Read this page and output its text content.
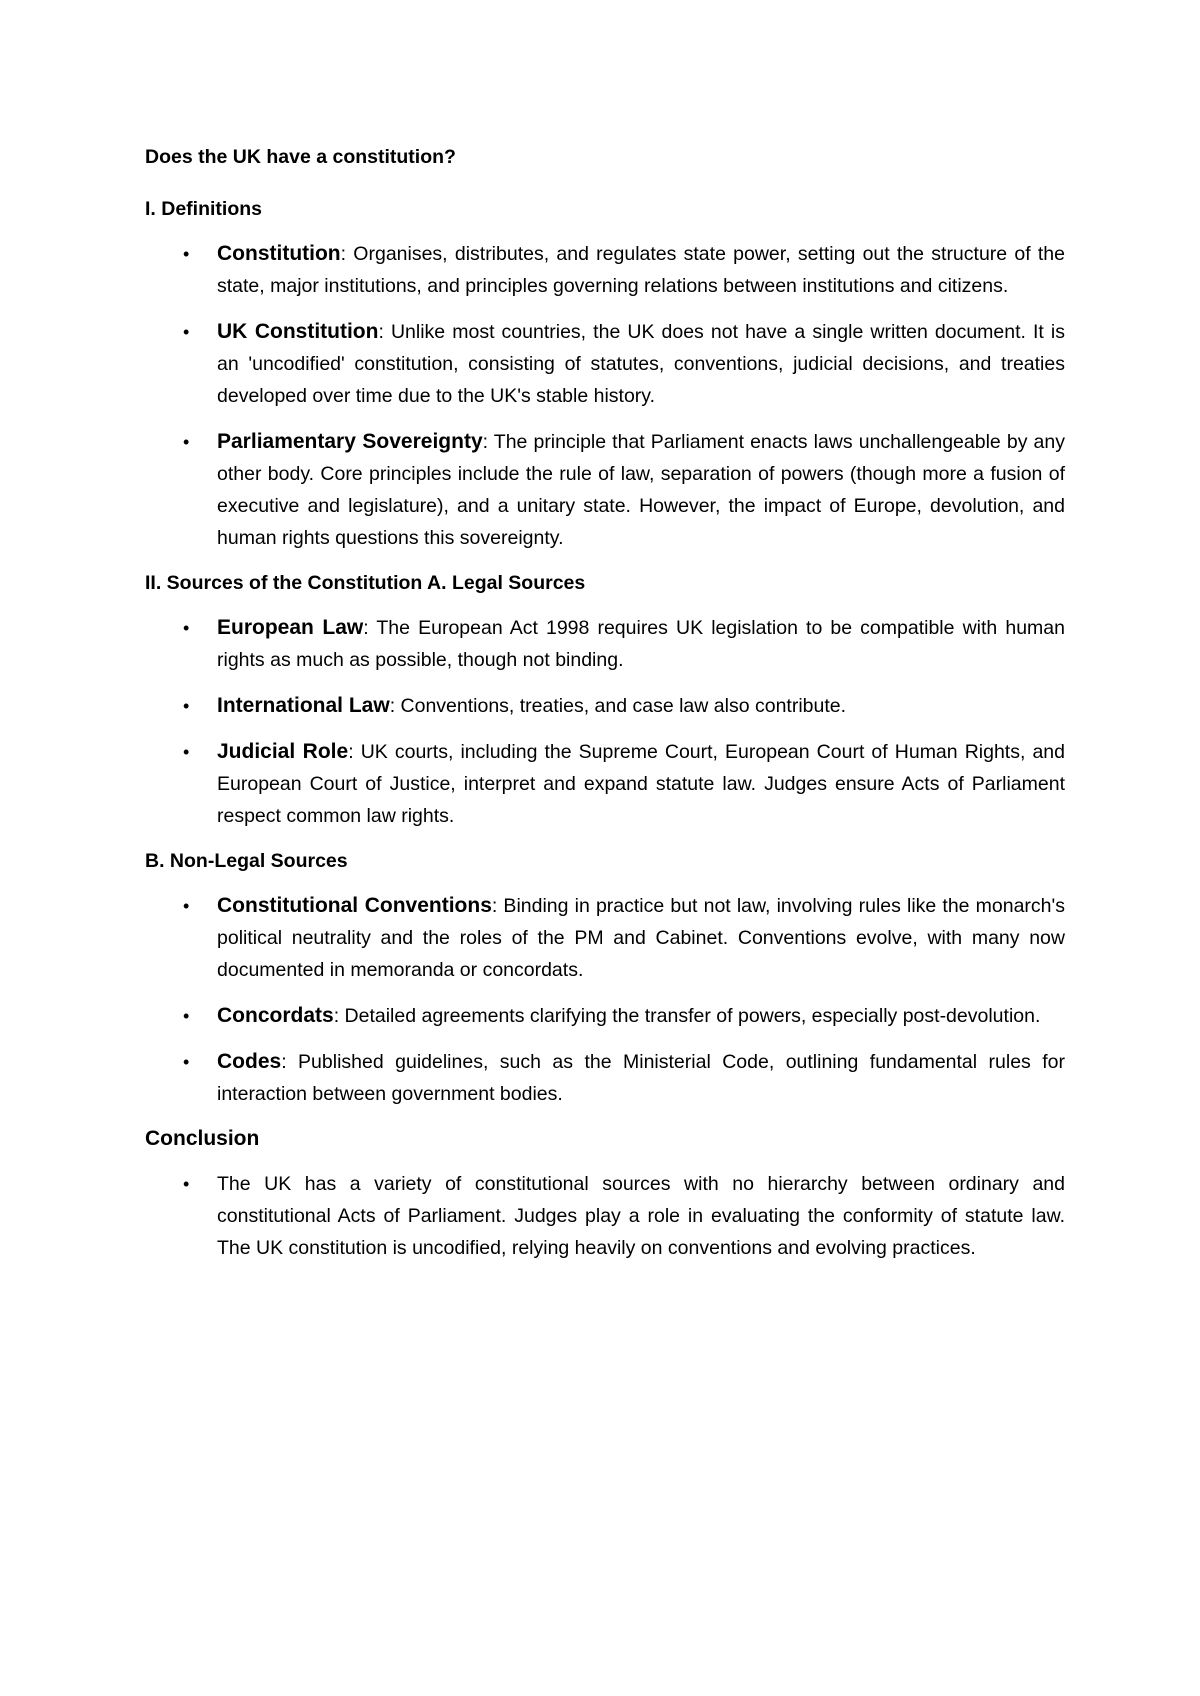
Does the UK have a constitution?
I. Definitions
• Constitution: Organises, distributes, and regulates state power, setting out the structure of the state, major institutions, and principles governing relations between institutions and citizens.
• UK Constitution: Unlike most countries, the UK does not have a single written document. It is an 'uncodified' constitution, consisting of statutes, conventions, judicial decisions, and treaties developed over time due to the UK's stable history.
• Parliamentary Sovereignty: The principle that Parliament enacts laws unchallengeable by any other body. Core principles include the rule of law, separation of powers (though more a fusion of executive and legislature), and a unitary state. However, the impact of Europe, devolution, and human rights questions this sovereignty.
II. Sources of the Constitution A. Legal Sources
• European Law: The European Act 1998 requires UK legislation to be compatible with human rights as much as possible, though not binding.
• International Law: Conventions, treaties, and case law also contribute.
• Judicial Role: UK courts, including the Supreme Court, European Court of Human Rights, and European Court of Justice, interpret and expand statute law. Judges ensure Acts of Parliament respect common law rights.
B. Non-Legal Sources
• Constitutional Conventions: Binding in practice but not law, involving rules like the monarch's political neutrality and the roles of the PM and Cabinet. Conventions evolve, with many now documented in memoranda or concordats.
• Concordats: Detailed agreements clarifying the transfer of powers, especially post-devolution.
• Codes: Published guidelines, such as the Ministerial Code, outlining fundamental rules for interaction between government bodies.
Conclusion
• The UK has a variety of constitutional sources with no hierarchy between ordinary and constitutional Acts of Parliament. Judges play a role in evaluating the conformity of statute law. The UK constitution is uncodified, relying heavily on conventions and evolving practices.
